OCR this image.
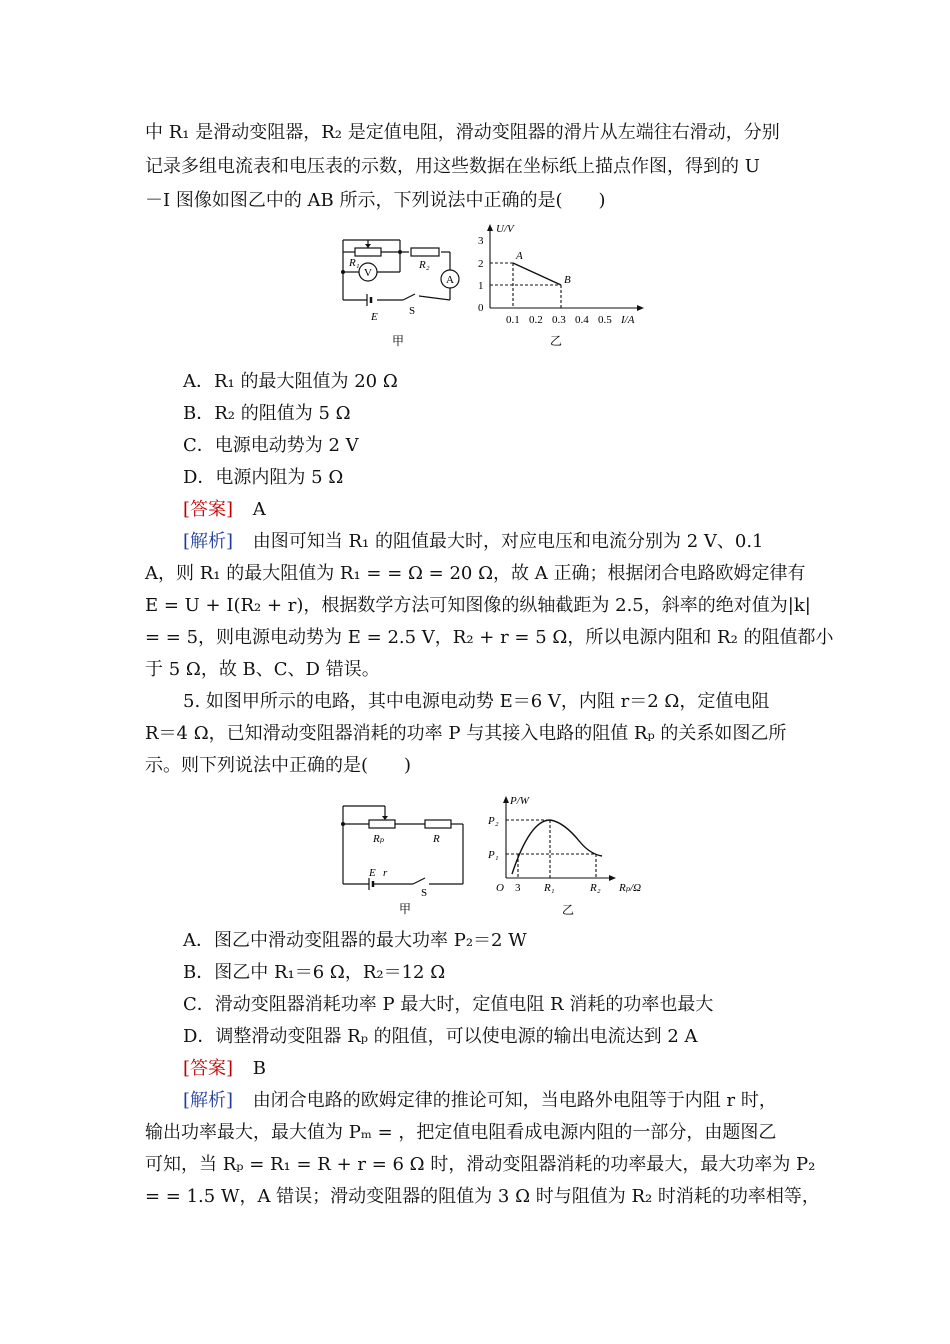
中 R₁ 是滑动变阻器，R₂ 是定值电阻，滑动变阻器的滑片从左端往右滑动，分别
记录多组电流表和电压表的示数，用这些数据在坐标纸上描点作图，得到的 U
－I 图像如图乙中的 AB 所示，下列说法中正确的是(　　)
R₁	R₂
V
A
E	S
甲
U/V
3
2
1
0
0.1 0.2 0.3 0.4 0.5 I/A
A
B
乙
A．R₁ 的最大阻值为 20 Ω
B．R₂ 的阻值为 5 Ω
C．电源电动势为 2 V
D．电源内阻为 5 Ω
[答案] A
[解析] 由图可知当 R₁ 的阻值最大时，对应电压和电流分别为 2 V、0.1
A，则 R₁ 的最大阻值为 R₁ = = Ω = 20 Ω，故 A 正确；根据闭合电路欧姆定律有
E = U + I(R₂ + r)，根据数学方法可知图像的纵轴截距为 2.5，斜率的绝对值为|k|
= = 5，则电源电动势为 E = 2.5 V，R₂ + r = 5 Ω，所以电源内阻和 R₂ 的阻值都小
于 5 Ω，故 B、C、D 错误。
5. 如图甲所示的电路，其中电源电动势 E＝6 V，内阻 r＝2 Ω，定值电阻
R＝4 Ω，已知滑动变阻器消耗的功率 P 与其接入电路的阻值 Rₚ 的关系如图乙所
示。则下列说法中正确的是(　　)
Rₚ	R
E r
S
甲
P/W
P₂
P₁
O 3 R₁	R₂ Rₚ/Ω
乙
A．图乙中滑动变阻器的最大功率 P₂＝2 W
B．图乙中 R₁＝6 Ω，R₂＝12 Ω
C．滑动变阻器消耗功率 P 最大时，定值电阻 R 消耗的功率也最大
D．调整滑动变阻器 Rₚ 的阻值，可以使电源的输出电流达到 2 A
[答案] B
[解析] 由闭合电路的欧姆定律的推论可知，当电路外电阻等于内阻 r 时，
输出功率最大，最大值为 Pₘ = ，把定值电阻看成电源内阻的一部分，由题图乙
可知，当 Rₚ = R₁ = R + r = 6 Ω 时，滑动变阻器消耗的功率最大，最大功率为 P₂
= = 1.5 W，A 错误；滑动变阻器的阻值为 3 Ω 时与阻值为 R₂ 时消耗的功率相等，
